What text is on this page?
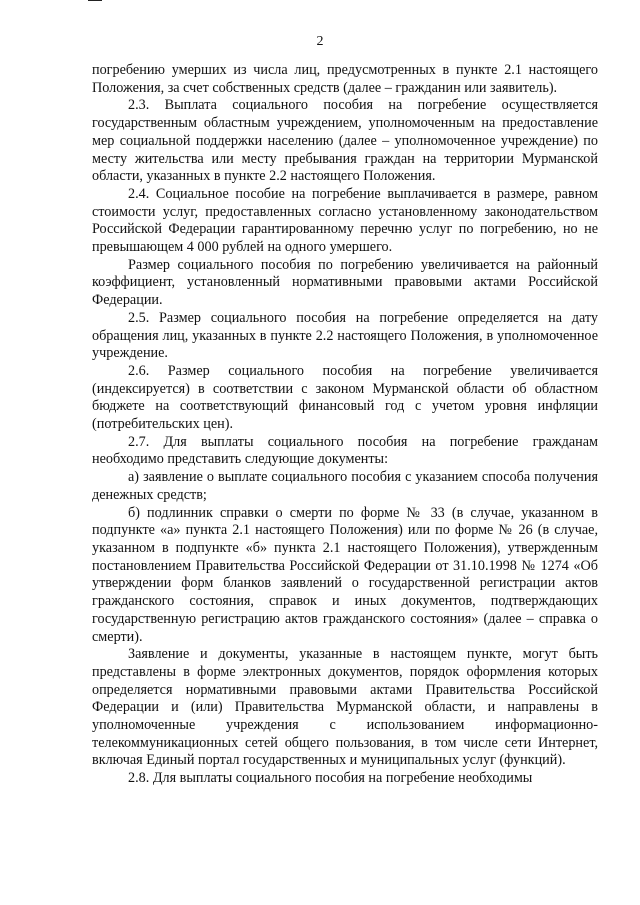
2

погребению умерших из числа лиц, предусмотренных в пункте 2.1 настоящего Положения, за счет собственных средств (далее – гражданин или заявитель).

2.3. Выплата социального пособия на погребение осуществляется государственным областным учреждением, уполномоченным на предоставление мер социальной поддержки населению (далее – уполномоченное учреждение) по месту жительства или месту пребывания граждан на территории Мурманской области, указанных в пункте 2.2 настоящего Положения.

2.4. Социальное пособие на погребение выплачивается в размере, равном стоимости услуг, предоставленных согласно установленному законодательством Российской Федерации гарантированному перечню услуг по погребению, но не превышающем 4 000 рублей на одного умершего.

Размер социального пособия по погребению увеличивается на районный коэффициент, установленный нормативными правовыми актами Российской Федерации.

2.5. Размер социального пособия на погребение определяется на дату обращения лиц, указанных в пункте 2.2 настоящего Положения, в уполномоченное учреждение.

2.6. Размер социального пособия на погребение увеличивается (индексируется) в соответствии с законом Мурманской области об областном бюджете на соответствующий финансовый год с учетом уровня инфляции (потребительских цен).

2.7. Для выплаты социального пособия на погребение гражданам необходимо представить следующие документы:

а) заявление о выплате социального пособия с указанием способа получения денежных средств;

б) подлинник справки о смерти по форме № 33 (в случае, указанном в подпункте «а» пункта 2.1 настоящего Положения) или по форме № 26 (в случае, указанном в подпункте «б» пункта 2.1 настоящего Положения), утвержденным постановлением Правительства Российской Федерации от 31.10.1998 № 1274 «Об утверждении форм бланков заявлений о государственной регистрации актов гражданского состояния, справок и иных документов, подтверждающих государственную регистрацию актов гражданского состояния» (далее – справка о смерти).

Заявление и документы, указанные в настоящем пункте, могут быть представлены в форме электронных документов, порядок оформления которых определяется нормативными правовыми актами Правительства Российской Федерации и (или) Правительства Мурманской области, и направлены в уполномоченные учреждения с использованием информационно-телекоммуникационных сетей общего пользования, в том числе сети Интернет, включая Единый портал государственных и муниципальных услуг (функций).

2.8. Для выплаты социального пособия на погребение необходимы
